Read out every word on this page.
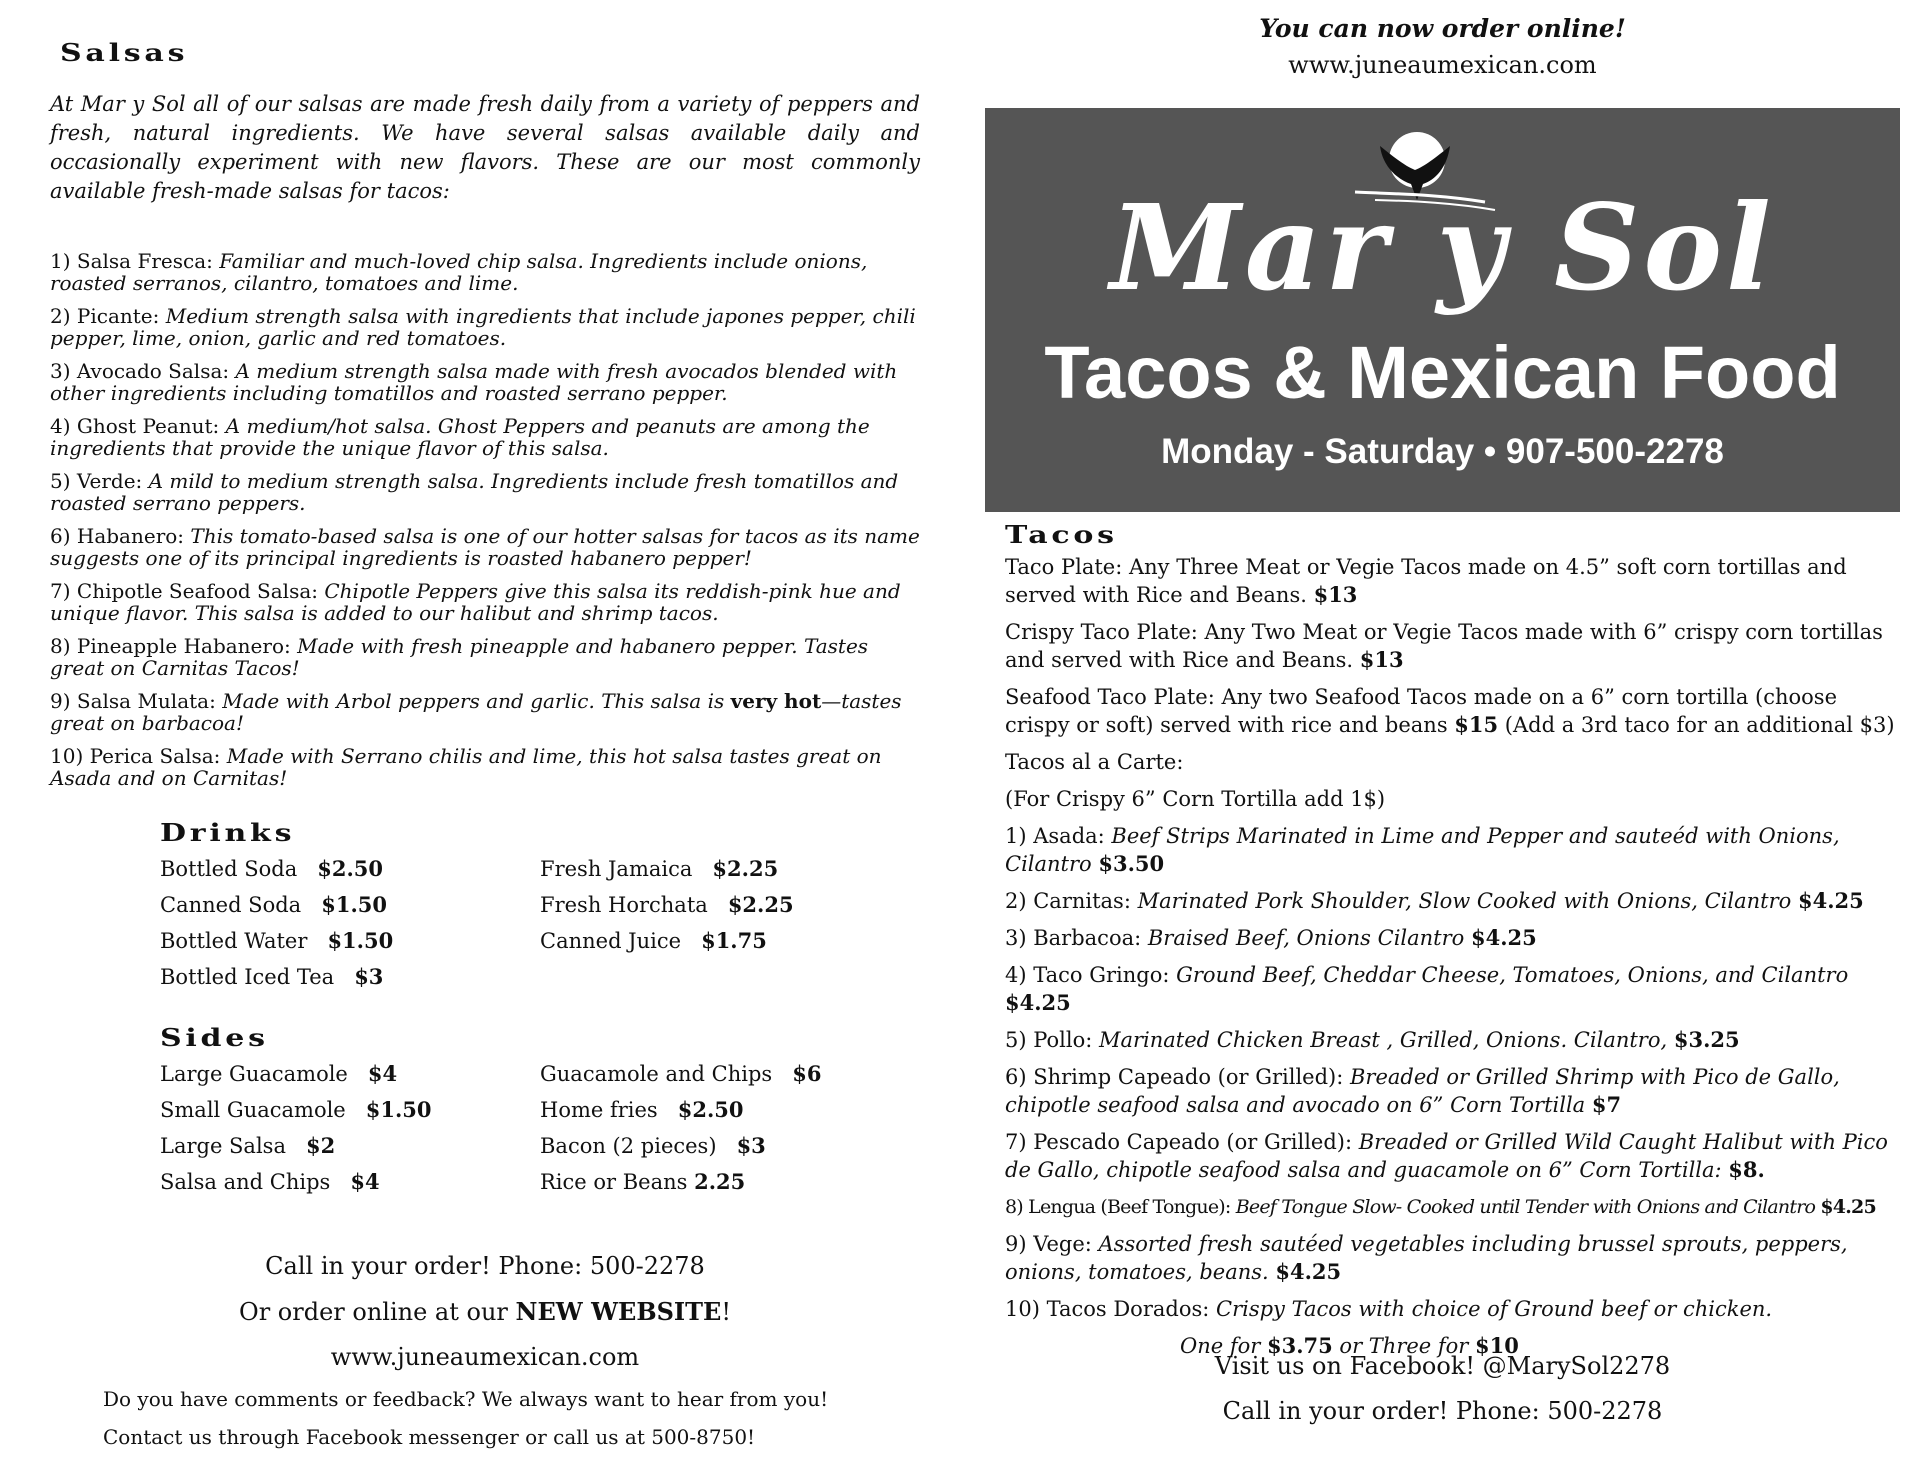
Salsas

At Mar y Sol all of our salsas are made fresh daily from a variety of peppers and fresh, natural ingredients. We have several salsas available daily and occasionally experiment with new flavors. These are our most commonly available fresh-made salsas for tacos:

1) Salsa Fresca: Familiar and much-loved chip salsa. Ingredients include onions, roasted serranos, cilantro, tomatoes and lime.
2) Picante: Medium strength salsa with ingredients that include japones pepper, chili pepper, lime, onion, garlic and red tomatoes.
3) Avocado Salsa: A medium strength salsa made with fresh avocados blended with other ingredients including tomatillos and roasted serrano pepper.
4) Ghost Peanut: A medium/hot salsa. Ghost Peppers and peanuts are among the ingredients that provide the unique flavor of this salsa.
5) Verde: A mild to medium strength salsa. Ingredients include fresh tomatillos and roasted serrano peppers.
6) Habanero: This tomato-based salsa is one of our hotter salsas for tacos as its name suggests one of its principal ingredients is roasted habanero pepper!
7) Chipotle Seafood Salsa: Chipotle Peppers give this salsa its reddish-pink hue and unique flavor. This salsa is added to our halibut and shrimp tacos.
8) Pineapple Habanero: Made with fresh pineapple and habanero pepper. Tastes great on Carnitas Tacos!
9) Salsa Mulata: Made with Arbol peppers and garlic. This salsa is very hot—tastes great on barbacoa!
10) Perica Salsa: Made with Serrano chilis and lime, this hot salsa tastes great on Asada and on Carnitas!
Drinks
Bottled Soda $2.50
Canned Soda $1.50
Bottled Water $1.50
Bottled Iced Tea $3
Fresh Jamaica $2.25
Fresh Horchata $2.25
Canned Juice $1.75
Sides
Large Guacamole $4
Small Guacamole $1.50
Large Salsa $2
Salsa and Chips $4
Guacamole and Chips $6
Home fries $2.50
Bacon (2 pieces) $3
Rice or Beans 2.25
Call in your order! Phone: 500-2278
Or order online at our NEW WEBSITE!
www.juneaumexican.com
Do you have comments or feedback? We always want to hear from you!
Contact us through Facebook messenger or call us at 500-8750!
You can now order online!
www.juneaumexican.com
Mar y Sol
Tacos & Mexican Food
Monday - Saturday • 907-500-2278
Tacos

Taco Plate: Any Three Meat or Vegie Tacos made on 4.5” soft corn tortillas and served with Rice and Beans. $13

Crispy Taco Plate: Any Two Meat or Vegie Tacos made with 6” crispy corn tortillas and served with Rice and Beans. $13

Seafood Taco Plate: Any two Seafood Tacos made on a 6” corn tortilla (choose crispy or soft) served with rice and beans $15 (Add a 3rd taco for an additional $3)

Tacos al a Carte:

(For Crispy 6” Corn Tortilla add 1$)

1) Asada: Beef Strips Marinated in Lime and Pepper and sauteéd with Onions, Cilantro $3.50

2) Carnitas: Marinated Pork Shoulder, Slow Cooked with Onions, Cilantro $4.25

3) Barbacoa: Braised Beef, Onions Cilantro $4.25

4) Taco Gringo: Ground Beef, Cheddar Cheese, Tomatoes, Onions, and Cilantro $4.25

5) Pollo: Marinated Chicken Breast , Grilled, Onions. Cilantro, $3.25

6) Shrimp Capeado (or Grilled): Breaded or Grilled Shrimp with Pico de Gallo, chipotle seafood salsa and avocado on 6” Corn Tortilla $7

7) Pescado Capeado (or Grilled): Breaded or Grilled Wild Caught Halibut with Pico de Gallo, chipotle seafood salsa and guacamole on 6” Corn Tortilla: $8.

8) Lengua (Beef Tongue): Beef Tongue Slow- Cooked until Tender with Onions and Cilantro $4.25

9) Vege: Assorted fresh sautéed vegetables including brussel sprouts, peppers, onions, tomatoes, beans. $4.25

10) Tacos Dorados: Crispy Tacos with choice of Ground beef or chicken.

One for $3.75 or Three for $10

Visit us on Facebook! @MarySol2278
Call in your order! Phone: 500-2278
